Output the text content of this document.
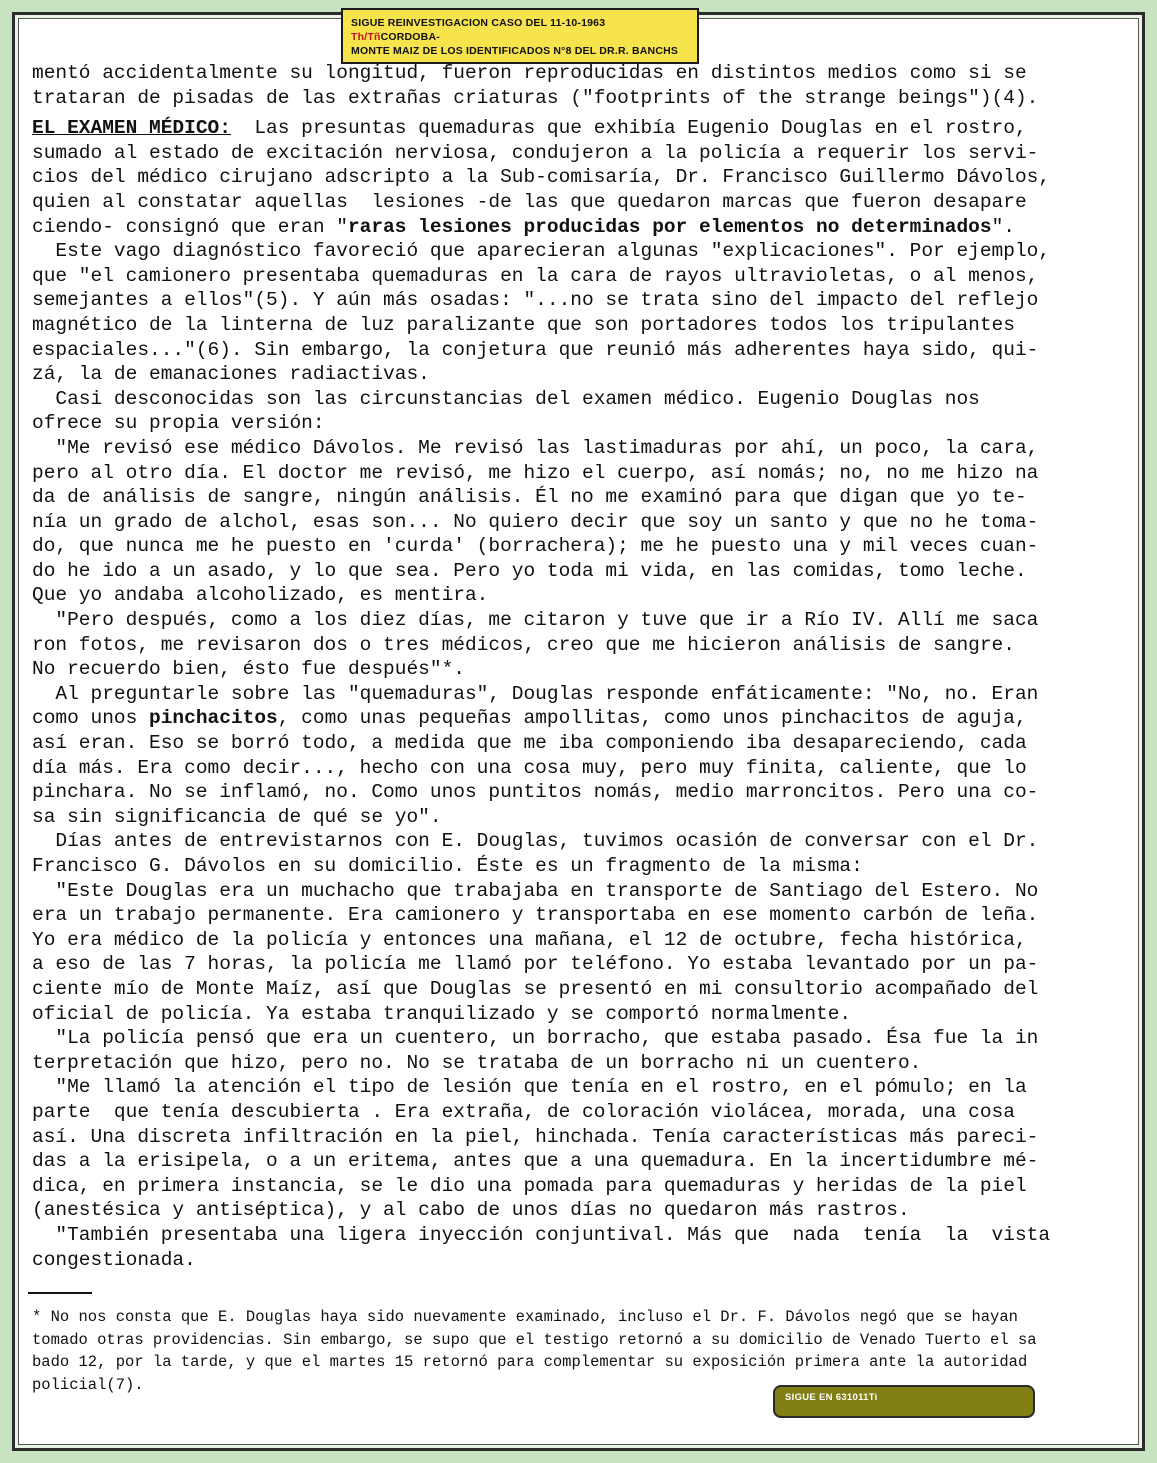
SIGUE REINVESTIGACION CASO DEL 11-10-1963 Th/TñCORDOBA-
MONTE MAIZ DE LOS IDENTIFICADOS N°8 DEL DR.R. BANCHS

mentó accidentalmente su longitud, fueron reproducidas en distintos medios como si se

trataran de pisadas de las extrañas criaturas ("footprints of the strange beings")(4).

EL EXAMEN MÉDICO:  Las presuntas quemaduras que exhibía Eugenio Douglas en el rostro,

sumado al estado de excitación nerviosa, condujeron a la policía a requerir los servi-

cios del médico cirujano adscripto a la Sub-comisaría, Dr. Francisco Guillermo Dávolos,

quien al constatar aquellas  lesiones -de las que quedaron marcas que fueron desapare

ciendo- consignó que eran "raras lesiones producidas por elementos no determinados".

Este vago diagnóstico favoreció que aparecieran algunas "explicaciones". Por ejemplo,

que "el camionero presentaba quemaduras en la cara de rayos ultravioletas, o al menos,

semejantes a ellos"(5). Y aún más osadas: "...no se trata sino del impacto del reflejo

magnético de la linterna de luz paralizante que son portadores todos los tripulantes

espaciales..."(6). Sin embargo, la conjetura que reunió más adherentes haya sido, qui-

zá, la de emanaciones radiactivas.

Casi desconocidas son las circunstancias del examen médico. Eugenio Douglas nos

ofrece su propia versión:

"Me revisó ese médico Dávolos. Me revisó las lastimaduras por ahí, un poco, la cara,

pero al otro día. El doctor me revisó, me hizo el cuerpo, así nomás; no, no me hizo na

da de análisis de sangre, ningún análisis. Él no me examinó para que digan que yo te-

nía un grado de alchol, esas son... No quiero decir que soy un santo y que no he toma-

do, que nunca me he puesto en 'curda' (borrachera); me he puesto una y mil veces cuan-

do he ido a un asado, y lo que sea. Pero yo toda mi vida, en las comidas, tomo leche.

Que yo andaba alcoholizado, es mentira.

"Pero después, como a los diez días, me citaron y tuve que ir a Río IV. Allí me saca

ron fotos, me revisaron dos o tres médicos, creo que me hicieron análisis de sangre.

No recuerdo bien, ésto fue después"*.

Al preguntarle sobre las "quemaduras", Douglas responde enfáticamente: "No, no. Eran

como unos pinchacitos, como unas pequeñas ampollitas, como unos pinchacitos de aguja,

así eran. Eso se borró todo, a medida que me iba componiendo iba desapareciendo, cada

día más. Era como decir..., hecho con una cosa muy, pero muy finita, caliente, que lo

pinchara. No se inflamó, no. Como unos puntitos nomás, medio marroncitos. Pero una co-

sa sin significancia de qué se yo".

Días antes de entrevistarnos con E. Douglas, tuvimos ocasión de conversar con el Dr.

Francisco G. Dávolos en su domicilio. Éste es un fragmento de la misma:

"Este Douglas era un muchacho que trabajaba en transporte de Santiago del Estero. No

era un trabajo permanente. Era camionero y transportaba en ese momento carbón de leña.

Yo era médico de la policía y entonces una mañana, el 12 de octubre, fecha histórica,

a eso de las 7 horas, la policía me llamó por teléfono. Yo estaba levantado por un pa-

ciente mío de Monte Maíz, así que Douglas se presentó en mi consultorio acompañado del

oficial de policía. Ya estaba tranquilizado y se comportó normalmente.

"La policía pensó que era un cuentero, un borracho, que estaba pasado. Ésa fue la in

terpretación que hizo, pero no. No se trataba de un borracho ni un cuentero.

"Me llamó la atención el tipo de lesión que tenía en el rostro, en el pómulo; en la

parte  que tenía descubierta . Era extraña, de coloración violácea, morada, una cosa

así. Una discreta infiltración en la piel, hinchada. Tenía características más pareci-

das a la erisipela, o a un eritema, antes que a una quemadura. En la incertidumbre mé-

dica, en primera instancia, se le dio una pomada para quemaduras y heridas de la piel

(anestésica y antiséptica), y al cabo de unos días no quedaron más rastros.

"También presentaba una ligera inyección conjuntival. Más que  nada  tenía  la  vista

congestionada.

* No nos consta que E. Douglas haya sido nuevamente examinado, incluso el Dr. F. Dávolos negó que se hayan

tomado otras providencias. Sin embargo, se supo que el testigo retornó a su domicilio de Venado Tuerto el sa

bado 12, por la tarde, y que el martes 15 retornó para complementar su exposición primera ante la autoridad

policial(7).

SIGUE EN 631011Ti
